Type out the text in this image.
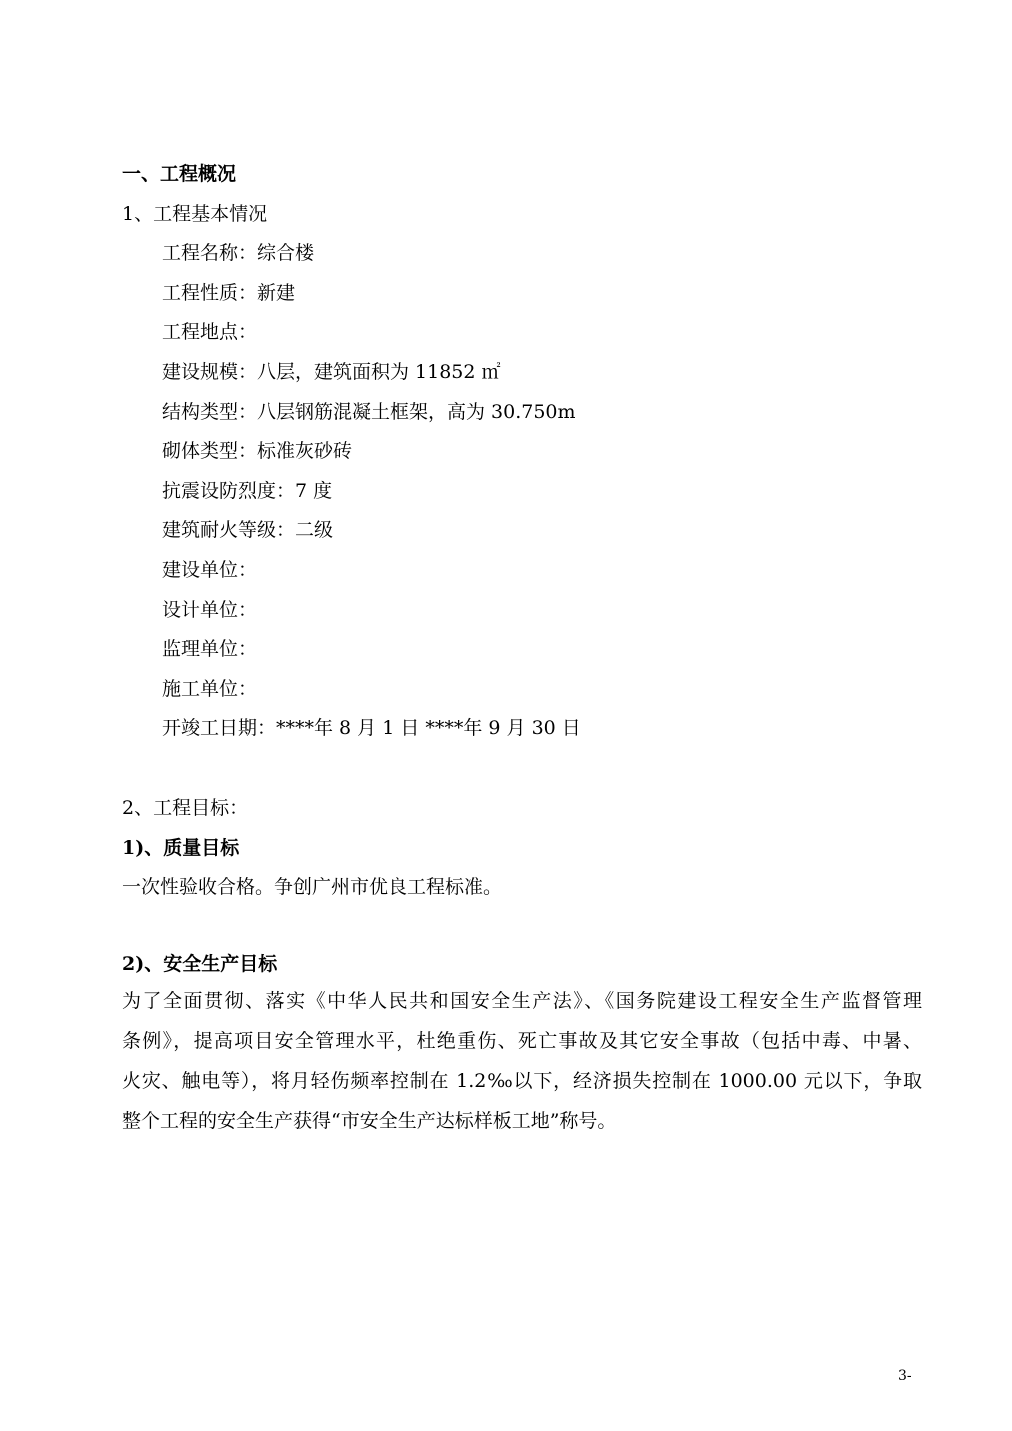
一、工程概况
1、工程基本情况
工程名称：综合楼
工程性质：新建
工程地点：
建设规模：八层，建筑面积为 11852 ㎡
结构类型：八层钢筋混凝土框架，高为 30.750m
砌体类型：标准灰砂砖
抗震设防烈度：7 度
建筑耐火等级：二级
建设单位：
设计单位：
监理单位：
施工单位：
开竣工日期：****年 8 月 1 日 ****年 9 月 30 日
2、工程目标：
1)、质量目标
一次性验收合格。争创广州市优良工程标准。
2)、安全生产目标

为了全面贯彻、落实《中华人民共和国安全生产法》、《国务院建设工程安全生产监督管理

条例》，提高项目安全管理水平，杜绝重伤、死亡事故及其它安全事故（包括中毒、中暑、

火灾、触电等），将月轻伤频率控制在 1.2‰以下，经济损失控制在 1000.00 元以下，争取

整个工程的安全生产获得“市安全生产达标样板工地”称号。

3-
